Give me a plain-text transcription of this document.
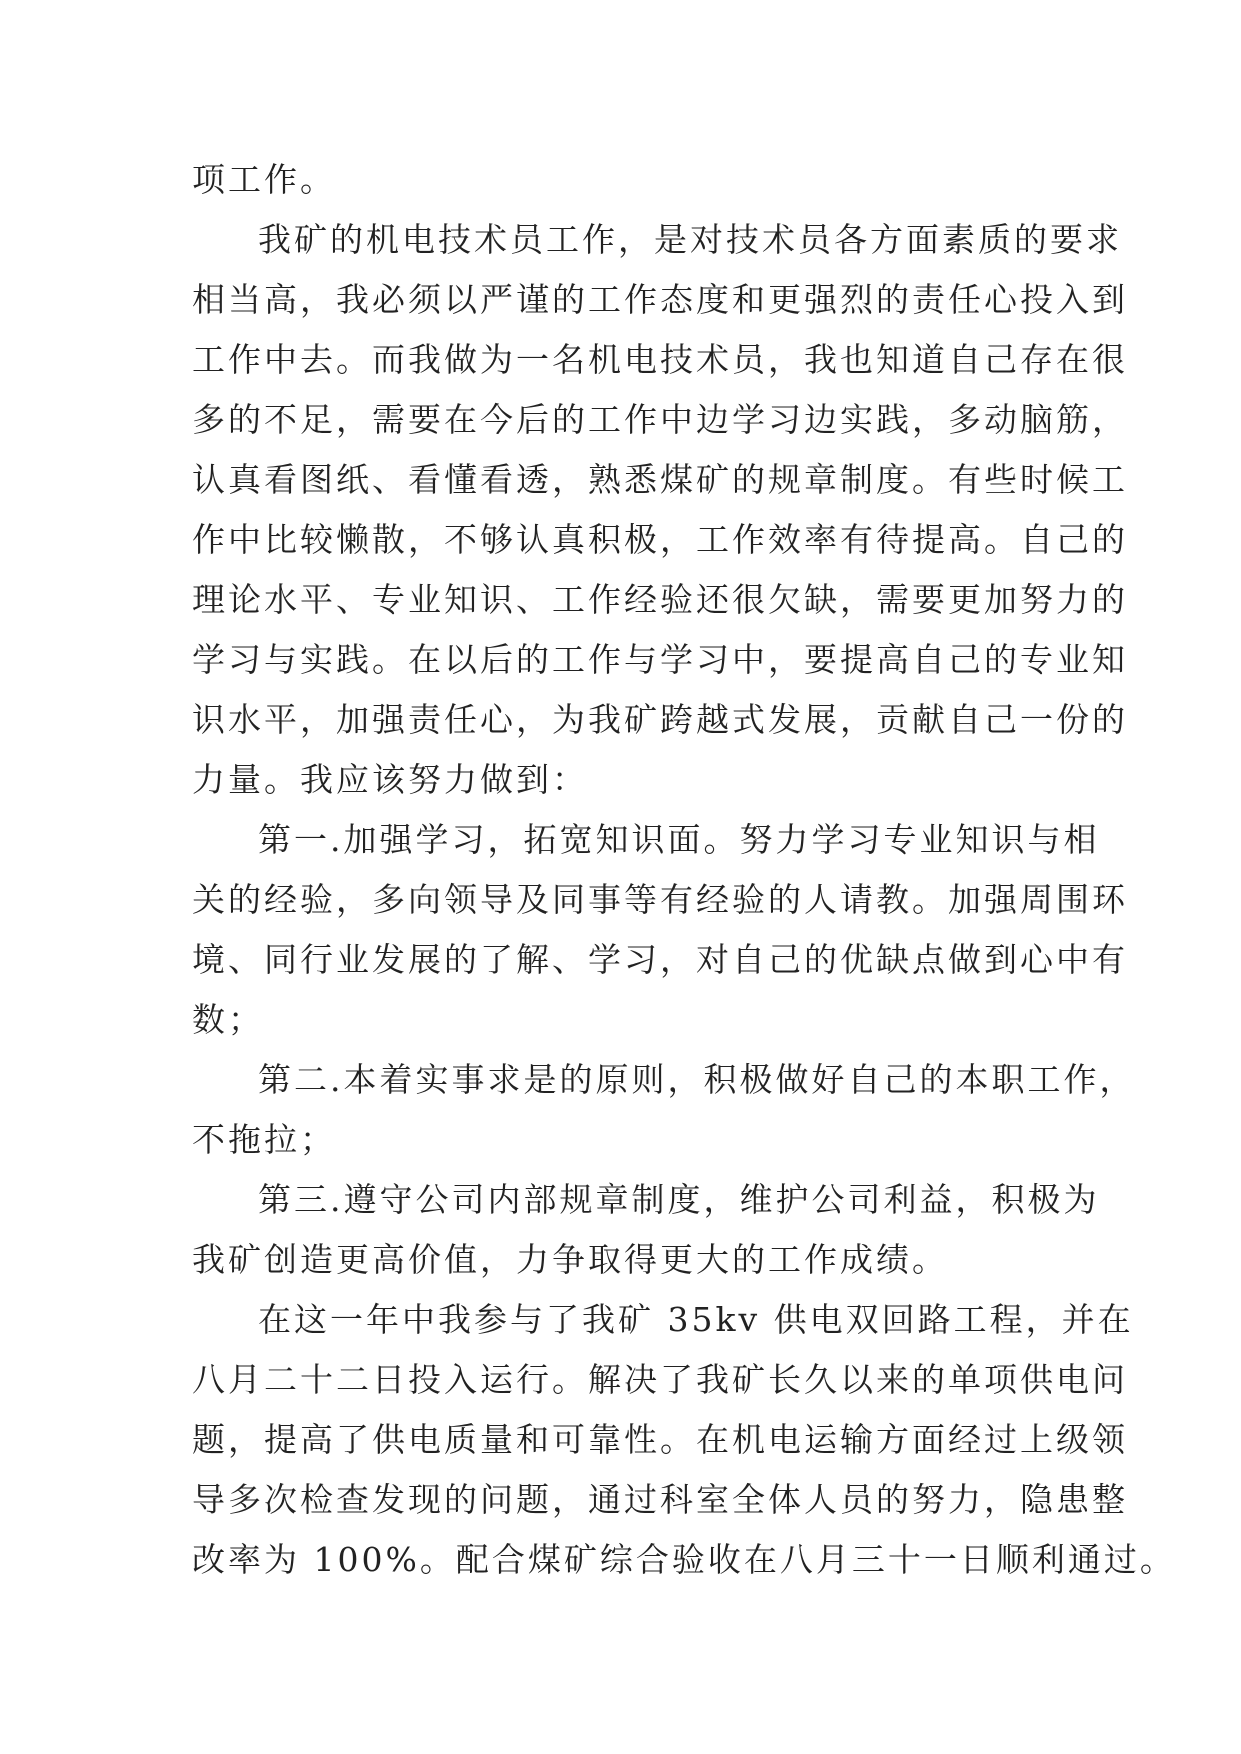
项工作。
我矿的机电技术员工作，是对技术员各方面素质的要求
相当高，我必须以严谨的工作态度和更强烈的责任心投入到
工作中去。而我做为一名机电技术员，我也知道自己存在很
多的不足，需要在今后的工作中边学习边实践，多动脑筋，
认真看图纸、看懂看透，熟悉煤矿的规章制度。有些时候工
作中比较懒散，不够认真积极，工作效率有待提高。自己的
理论水平、专业知识、工作经验还很欠缺，需要更加努力的
学习与实践。在以后的工作与学习中，要提高自己的专业知
识水平，加强责任心，为我矿跨越式发展，贡献自己一份的
力量。我应该努力做到：
第一.加强学习，拓宽知识面。努力学习专业知识与相
关的经验，多向领导及同事等有经验的人请教。加强周围环
境、同行业发展的了解、学习，对自己的优缺点做到心中有
数；
第二.本着实事求是的原则，积极做好自己的本职工作，
不拖拉；
第三.遵守公司内部规章制度，维护公司利益，积极为
我矿创造更高价值，力争取得更大的工作成绩。
在这一年中我参与了我矿 35kv 供电双回路工程，并在
八月二十二日投入运行。解决了我矿长久以来的单项供电问
题，提高了供电质量和可靠性。在机电运输方面经过上级领
导多次检查发现的问题，通过科室全体人员的努力，隐患整
改率为 100%。配合煤矿综合验收在八月三十一日顺利通过。
